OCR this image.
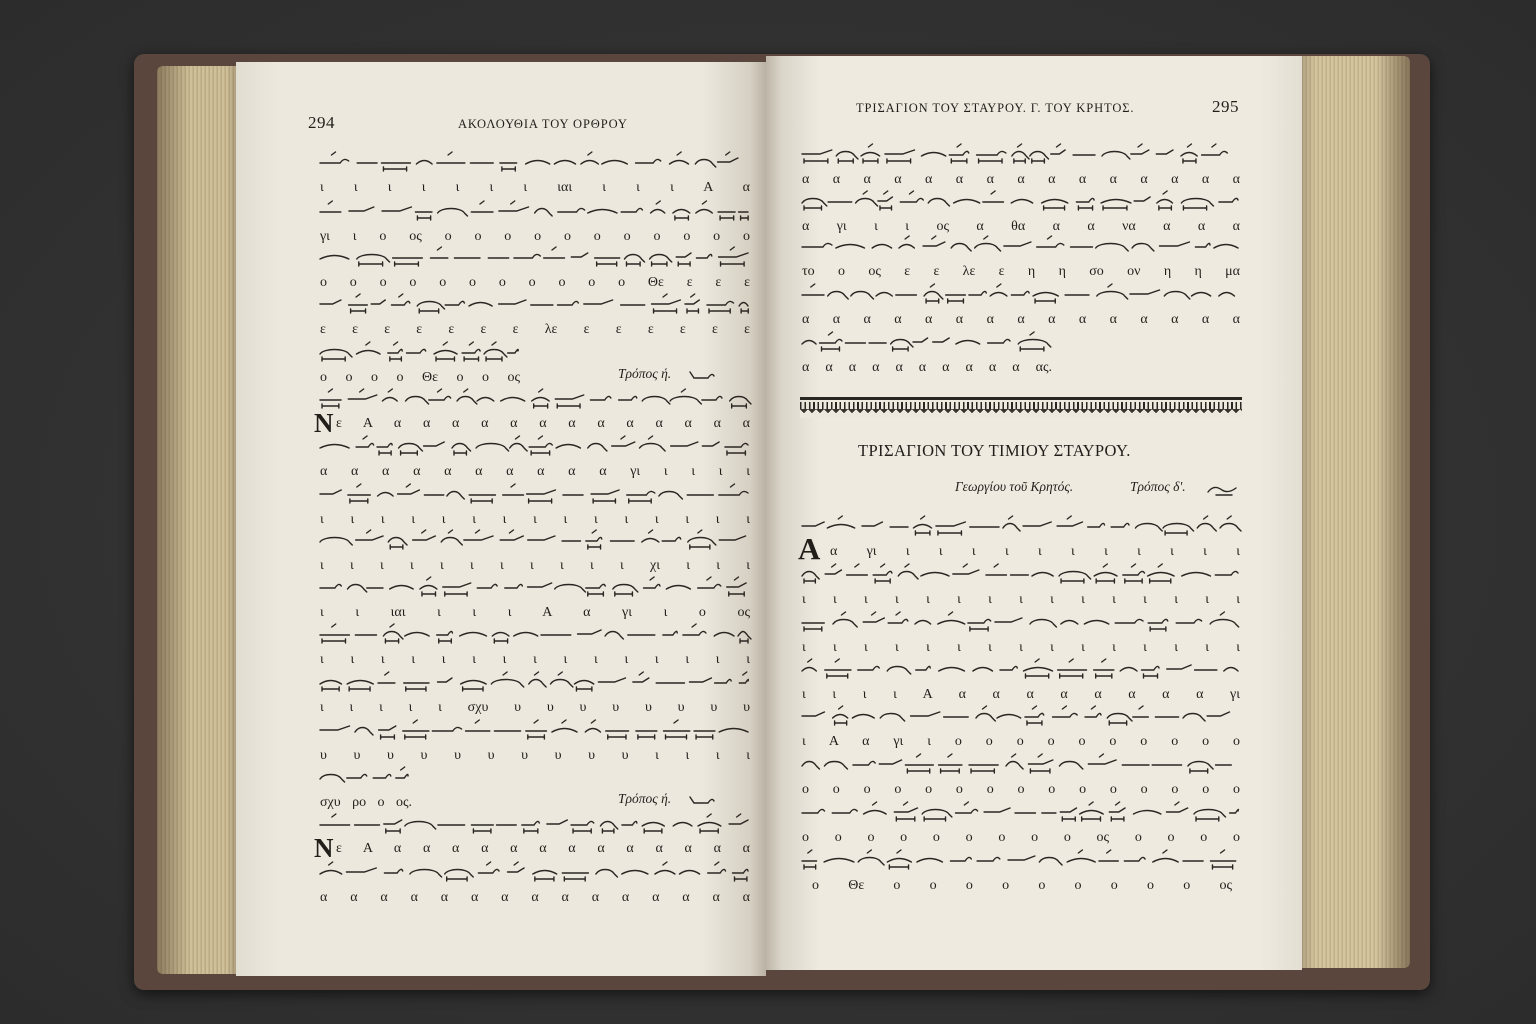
294	ΑΚΟΛΟΥΘΙΑ ΤΟΥ ΟΡΘΡΟΥ
ι ι ι ι ι ι ι ιαι ι ι ι Α α
γι ι ο ος ο ο ο ο ο ο ο ο ο ο ο
ο ο ο ο ο ο ο ο ο ο ο Θε ε ε ε
ε ε ε ε ε ε ε λε ε ε ε ε ε ε
ο ο ο ο Θε ο ο ος	Τρόπος ή.
Ν ε Α α α α α α α α α α α α α α
α α α α α α α α α α γι ι ι ι ι
ι ι ι ι ι ι ι ι ι ι ι ι ι ι ι
ι ι ι ι ι ι ι ι ι ι ι χι ι ι ι
ι ι ιαι ι ι ι Α α γι ι ο ος
ι ι ι ι ι ι ι ι ι ι ι ι ι ι ι
ι ι ι ι ι σχυ υ υ υ υ υ υ υ υ
υ υ υ υ υ υ υ υ υ υ ι ι ι ι
σχυ ρο ο ος.	Τρόπος ή.
Ν ε Α α α α α α α α α α α α α α
α α α α α α α α α α α α α α α
ΤΡΙΣΑΓΙΟΝ ΤΟΥ ΣΤΑΥΡΟΥ. Γ. ΤΟΥ ΚΡΗΤΟΣ.	295
α α α α α α α α α α α α α α α
α γι ι ι ος α θα α α να α α α
το ο ος ε ε λε ε η η σο ον η η μα
α α α α α α α α α α α α α α α
α α α α α α α α α α ας.
ΤΡΙΣΑΓΙΟΝ ΤΟΥ ΤΙΜΙΟΥ ΣΤΑΥΡΟΥ.
Γεωργίου τοῦ Κρητός.	Τρόπος δ'.
Α α γι ι ι ι ι ι ι ι ι ι ι ι
ι ι ι ι ι ι ι ι ι ι ι ι ι ι ι
ι ι ι ι ι ι ι ι ι ι ι ι ι ι ι
ι ι ι ι Α α α α α α α α α γι
ι Α α γι ι ο ο ο ο ο ο ο ο ο ο
ο ο ο ο ο ο ο ο ο ο ο ο ο ο ο
ο ο ο ο ο ο ο ο ο ος ο ο ο ο
ο Θε ο ο ο ο ο ο ο ο ο ος
